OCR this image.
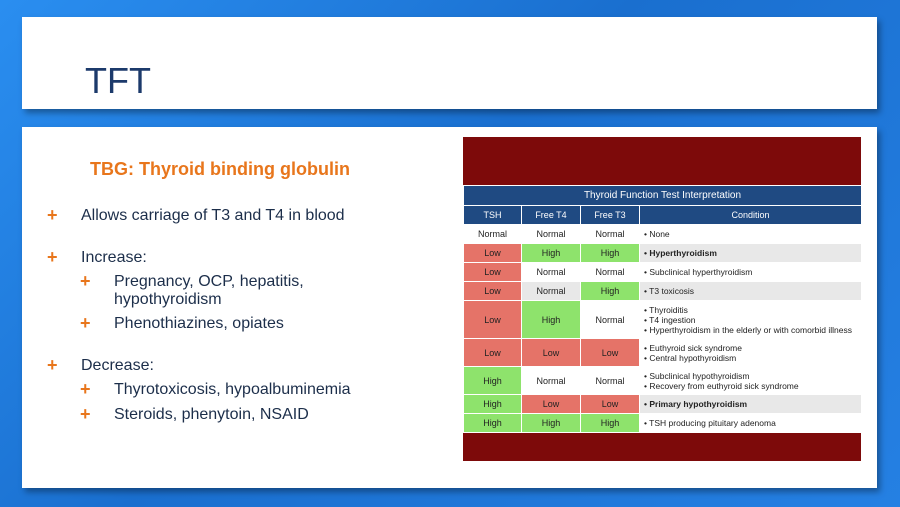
TFT
TBG: Thyroid binding globulin
+ Allows carriage of T3 and T4 in blood
+ Increase:
+ Pregnancy, OCP, hepatitis, hypothyroidism
+ Phenothiazines, opiates
+ Decrease:
+ Thyrotoxicosis, hypoalbuminemia
+ Steroids, phenytoin, NSAID
Thyroid Function Test Interpretation			
TSH	Free T4	Free T3	Condition
Normal	Normal	Normal	• None

Low	High	High	• Hyperthyroidism

Low	Normal	Normal	• Subclinical hyperthyroidism

Low	Normal	High	• T3 toxicosis

Low	High	Normal	• Thyroiditis
• T4 ingestion
• Hyperthyroidism in the elderly or with comorbid illness

Low	Low	Low	• Euthyroid sick syndrome
• Central hypothyroidism

High	Normal	Normal	• Subclinical hypothyroidism
• Recovery from euthyroid sick syndrome

High	Low	Low	• Primary hypothyroidism

High	High	High	• TSH producing pituitary adenoma
